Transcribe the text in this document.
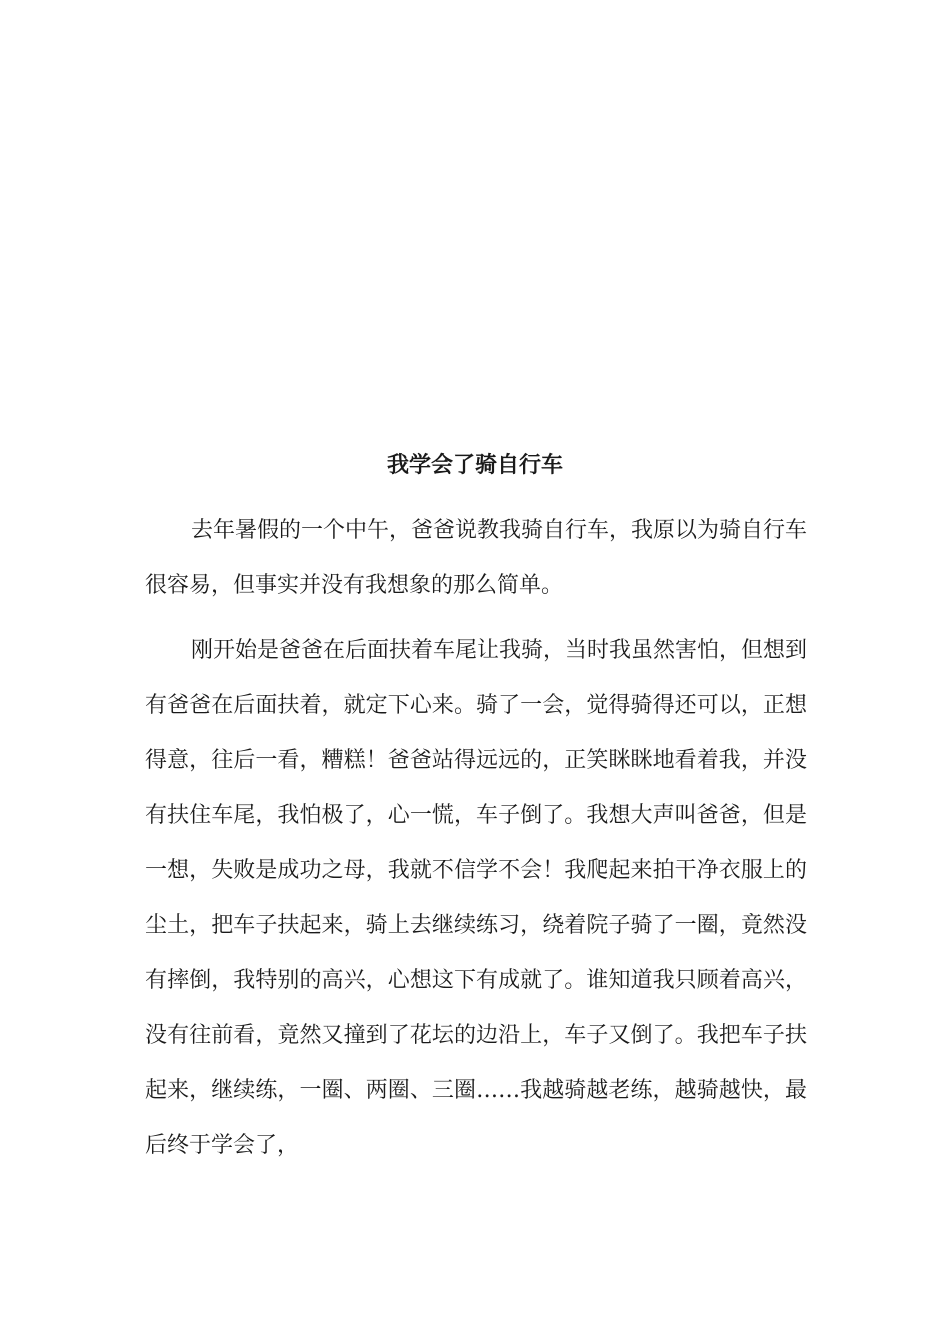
我学会了骑自行车

去年暑假的一个中午，爸爸说教我骑自行车，我原以为骑自行车很容易，但事实并没有我想象的那么简单。

刚开始是爸爸在后面扶着车尾让我骑，当时我虽然害怕，但想到有爸爸在后面扶着，就定下心来。骑了一会，觉得骑得还可以，正想得意，往后一看，糟糕！爸爸站得远远的，正笑眯眯地看着我，并没有扶住车尾，我怕极了，心一慌，车子倒了。我想大声叫爸爸，但是一想，失败是成功之母，我就不信学不会！我爬起来拍干净衣服上的尘土，把车子扶起来，骑上去继续练习，绕着院子骑了一圈，竟然没有摔倒，我特别的高兴，心想这下有成就了。谁知道我只顾着高兴，没有往前看，竟然又撞到了花坛的边沿上，车子又倒了。我把车子扶起来，继续练，一圈、两圈、三圈……我越骑越老练，越骑越快，最后终于学会了，
